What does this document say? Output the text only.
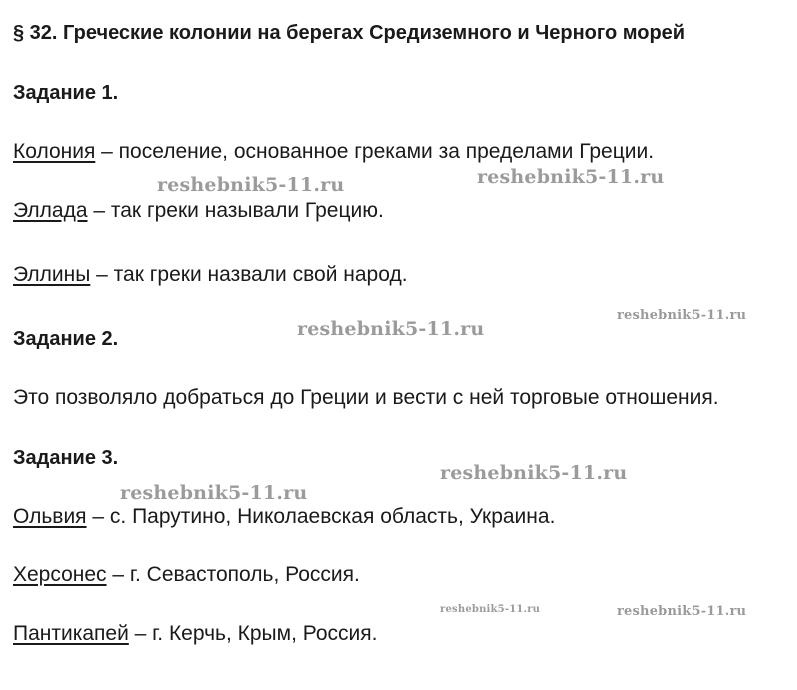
§ 32. Греческие колонии на берегах Средиземного и Черного морей
Задание 1.
Колония – поселение, основанное греками за пределами Греции.
Эллада – так греки называли Грецию.
Эллины – так греки назвали свой народ.
Задание 2.
Это позволяло добраться до Греции и вести с ней торговые отношения.
Задание 3.
Ольвия – с. Парутино, Николаевская область, Украина.
Херсонес – г. Севастополь, Россия.
Пантикапей – г. Керчь, Крым, Россия.
reshebnik5-11.ru	reshebnik5-11.ru
reshebnik5-11.ru
reshebnik5-11.ru
reshebnik5-11.ru
reshebnik5-11.ru
reshebnik5-11.ru	reshebnik5-11.ru
